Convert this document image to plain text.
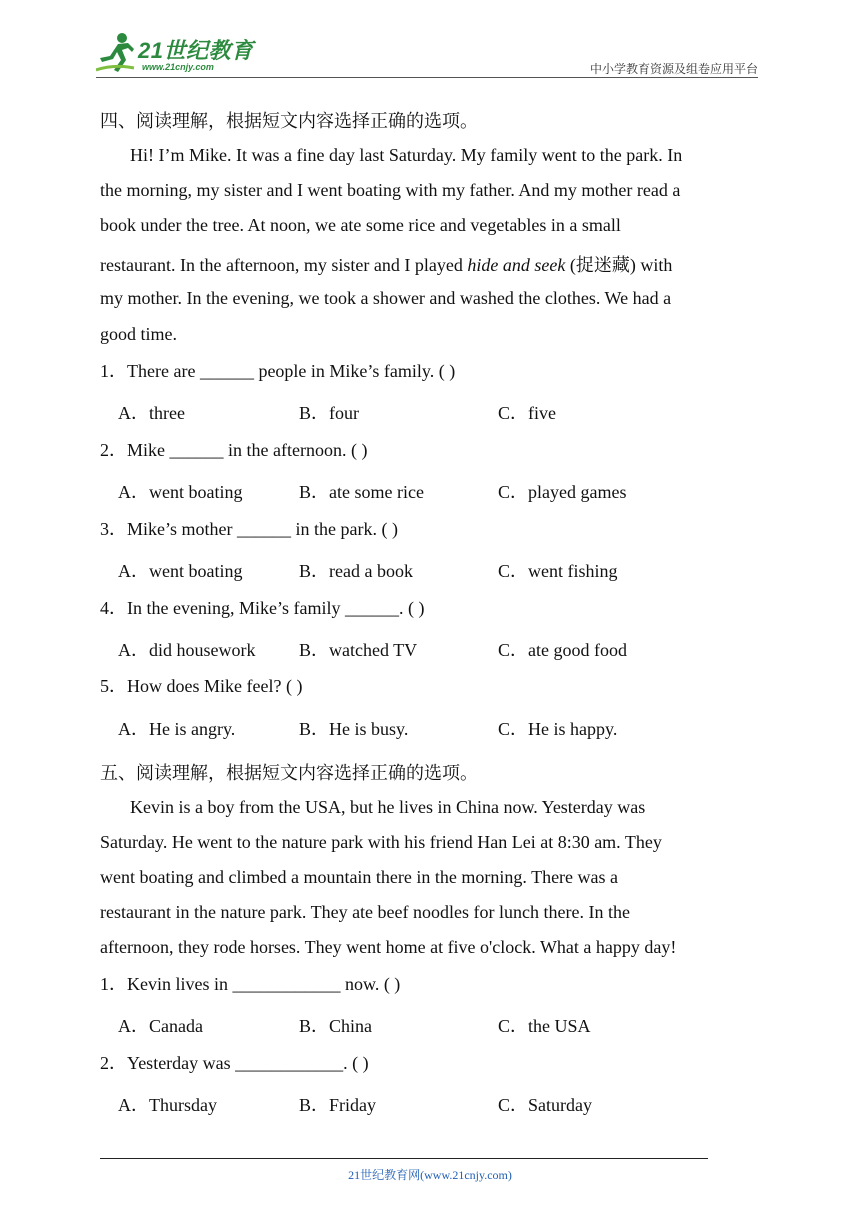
21世纪教育
www.21cnjy.com	中小学教育资源及组卷应用平台
四、阅读理解，根据短文内容选择正确的选项。
Hi! I’m Mike. It was a fine day last Saturday. My family went to the park. In
the morning, my sister and I went boating with my father. And my mother read a
book under the tree. At noon, we ate some rice and vegetables in a small
restaurant. In the afternoon, my sister and I played hide and seek (捉迷藏) with
my mother. In the evening, we took a shower and washed the clothes. We had a
good time.
1．There are ______ people in Mike’s family. ( )
A．three	B．four	C．five
2．Mike ______ in the afternoon. ( )
A．went boating	B．ate some rice	C．played games
3．Mike’s mother ______ in the park. ( )
A．went boating	B．read a book	C．went fishing
4．In the evening, Mike’s family ______. ( )
A．did housework B．watched TV	C．ate good food
5．How does Mike feel? ( )
A．He is angry.	B．He is busy.	C．He is happy.
五、阅读理解，根据短文内容选择正确的选项。
Kevin is a boy from the USA, but he lives in China now. Yesterday was
Saturday. He went to the nature park with his friend Han Lei at 8:30 am. They
went boating and climbed a mountain there in the morning. There was a
restaurant in the nature park. They ate beef noodles for lunch there. In the
afternoon, they rode horses. They went home at five o'clock. What a happy day!
1．Kevin lives in ____________ now. ( )
A．Canada	B．China	C．the USA
2．Yesterday was ____________. ( )
A．Thursday	B．Friday	C．Saturday
21世纪教育网(www.21cnjy.com)
